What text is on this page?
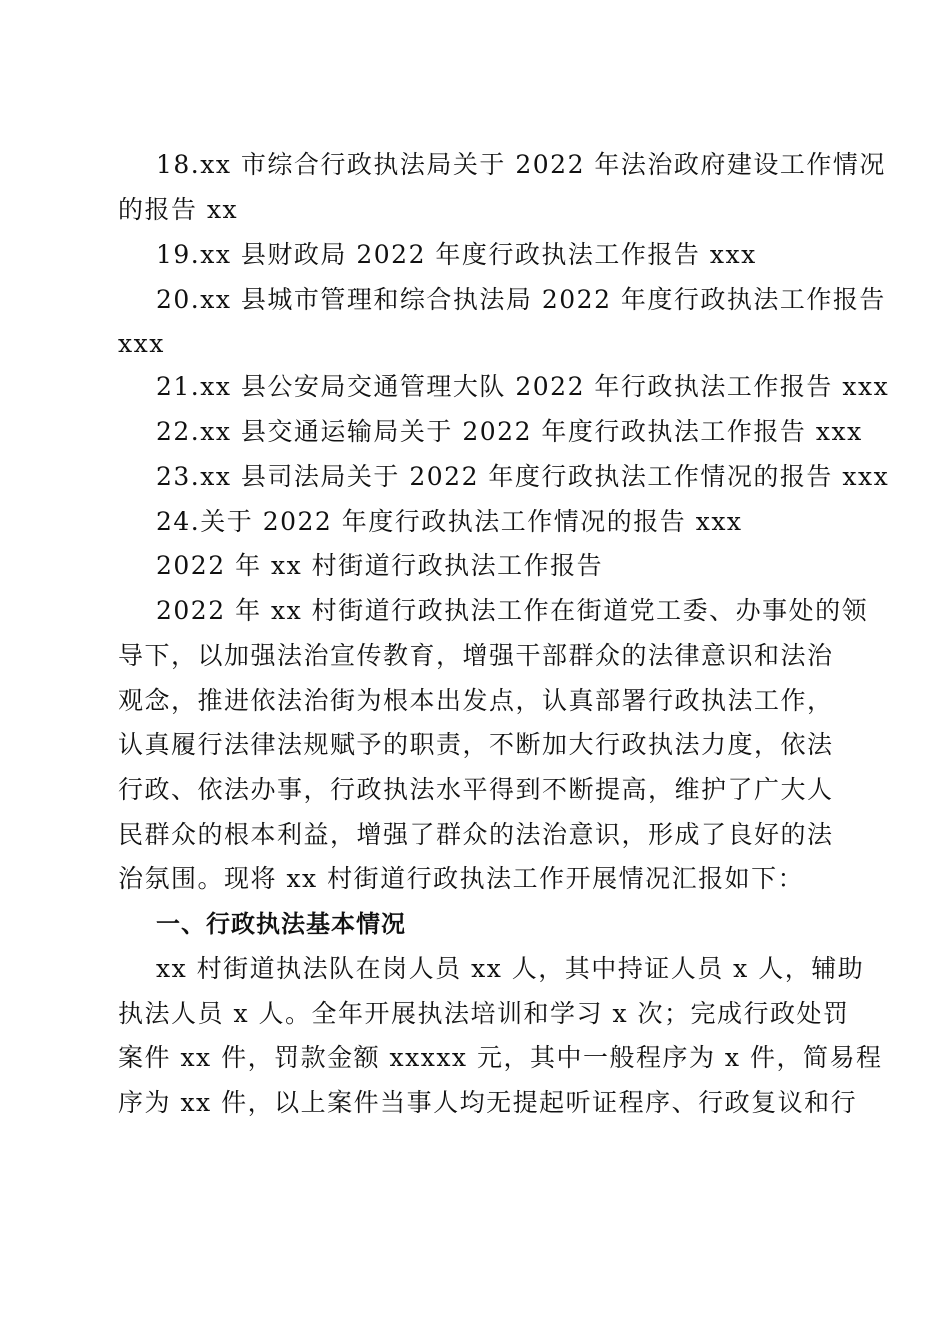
18.xx 市综合行政执法局关于 2022 年法治政府建设工作情况
的报告 xx
19.xx 县财政局 2022 年度行政执法工作报告 xxx
20.xx 县城市管理和综合执法局 2022 年度行政执法工作报告
xxx
21.xx 县公安局交通管理大队 2022 年行政执法工作报告 xxx
22.xx 县交通运输局关于 2022 年度行政执法工作报告 xxx
23.xx 县司法局关于 2022 年度行政执法工作情况的报告 xxx
24.关于 2022 年度行政执法工作情况的报告 xxx
2022 年 xx 村街道行政执法工作报告
2022 年 xx 村街道行政执法工作在街道党工委、办事处的领
导下，以加强法治宣传教育，增强干部群众的法律意识和法治
观念，推进依法治街为根本出发点，认真部署行政执法工作，
认真履行法律法规赋予的职责，不断加大行政执法力度，依法
行政、依法办事，行政执法水平得到不断提高，维护了广大人
民群众的根本利益，增强了群众的法治意识，形成了良好的法
治氛围。现将 xx 村街道行政执法工作开展情况汇报如下：
一、行政执法基本情况
xx 村街道执法队在岗人员 xx 人，其中持证人员 x 人，辅助
执法人员 x 人。全年开展执法培训和学习 x 次；完成行政处罚
案件 xx 件，罚款金额 xxxxx 元，其中一般程序为 x 件，简易程
序为 xx 件，以上案件当事人均无提起听证程序、行政复议和行
